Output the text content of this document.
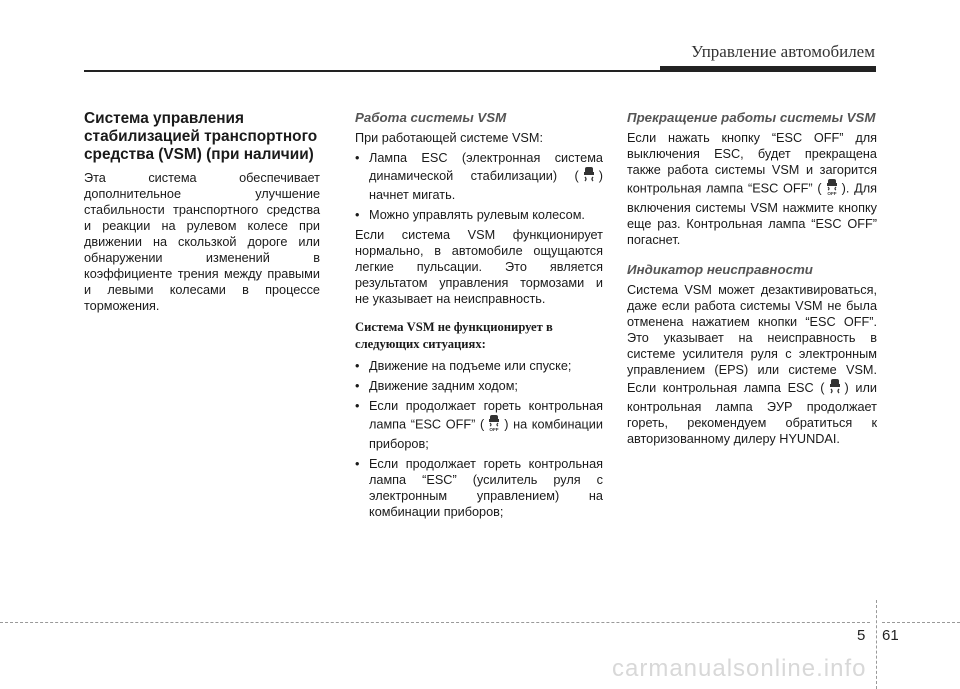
Управление автомобилем
Система управления стабилизацией транспортного средства (VSM) (при наличии)
Эта система обеспечивает
дополнительное улучшение
стабильности транспортного средства
и реакции на рулевом колесе при
движении на скользкой дороге или
обнаружении изменений в
коэффициенте трения между правыми
и левыми колесами в процессе
торможения.
Работа системы VSM

При работающей системе VSM:

• Лампа ESC (электронная система динамической стабилизации) ( ) начнет мигать.
• Можно управлять рулевым колесом.
Если система VSM функционирует
нормально, в автомобиле ощущаются
легкие пульсации. Это является
результатом управления тормозами и
не указывает на неисправность.
Система VSM не функционирует в следующих ситуациях:
• Движение на подъеме или спуске;
• Движение задним ходом;
• Если продолжает гореть контрольная лампа “ESC OFF” ( OFF ) на комбинации приборов;
• Если продолжает гореть контрольная лампа “ESC” (усилитель руля с электронным управлением) на комбинации приборов;
Прекращение работы системы VSM

Если нажать кнопку “ESC OFF” для выключения ESC, будет прекращена также работа системы VSM и загорится контрольная лампа “ESC OFF” ( OFF ). Для включения системы VSM нажмите кнопку еще раз. Контрольная лампа “ESC OFF” погаснет.

Индикатор неисправности

Система VSM может дезактивироваться, даже если работа системы VSM не была отменена нажатием кнопки “ESC OFF”. Это указывает на неисправность в системе усилителя руля с электронным управлением (EPS) или системе VSM. Если контрольная лампа ESC ( ) или контрольная лампа ЭУР продолжает гореть, рекомендуем обратиться к авторизованному дилеру HYUNDAI.

5 61
carmanualsonline.info
